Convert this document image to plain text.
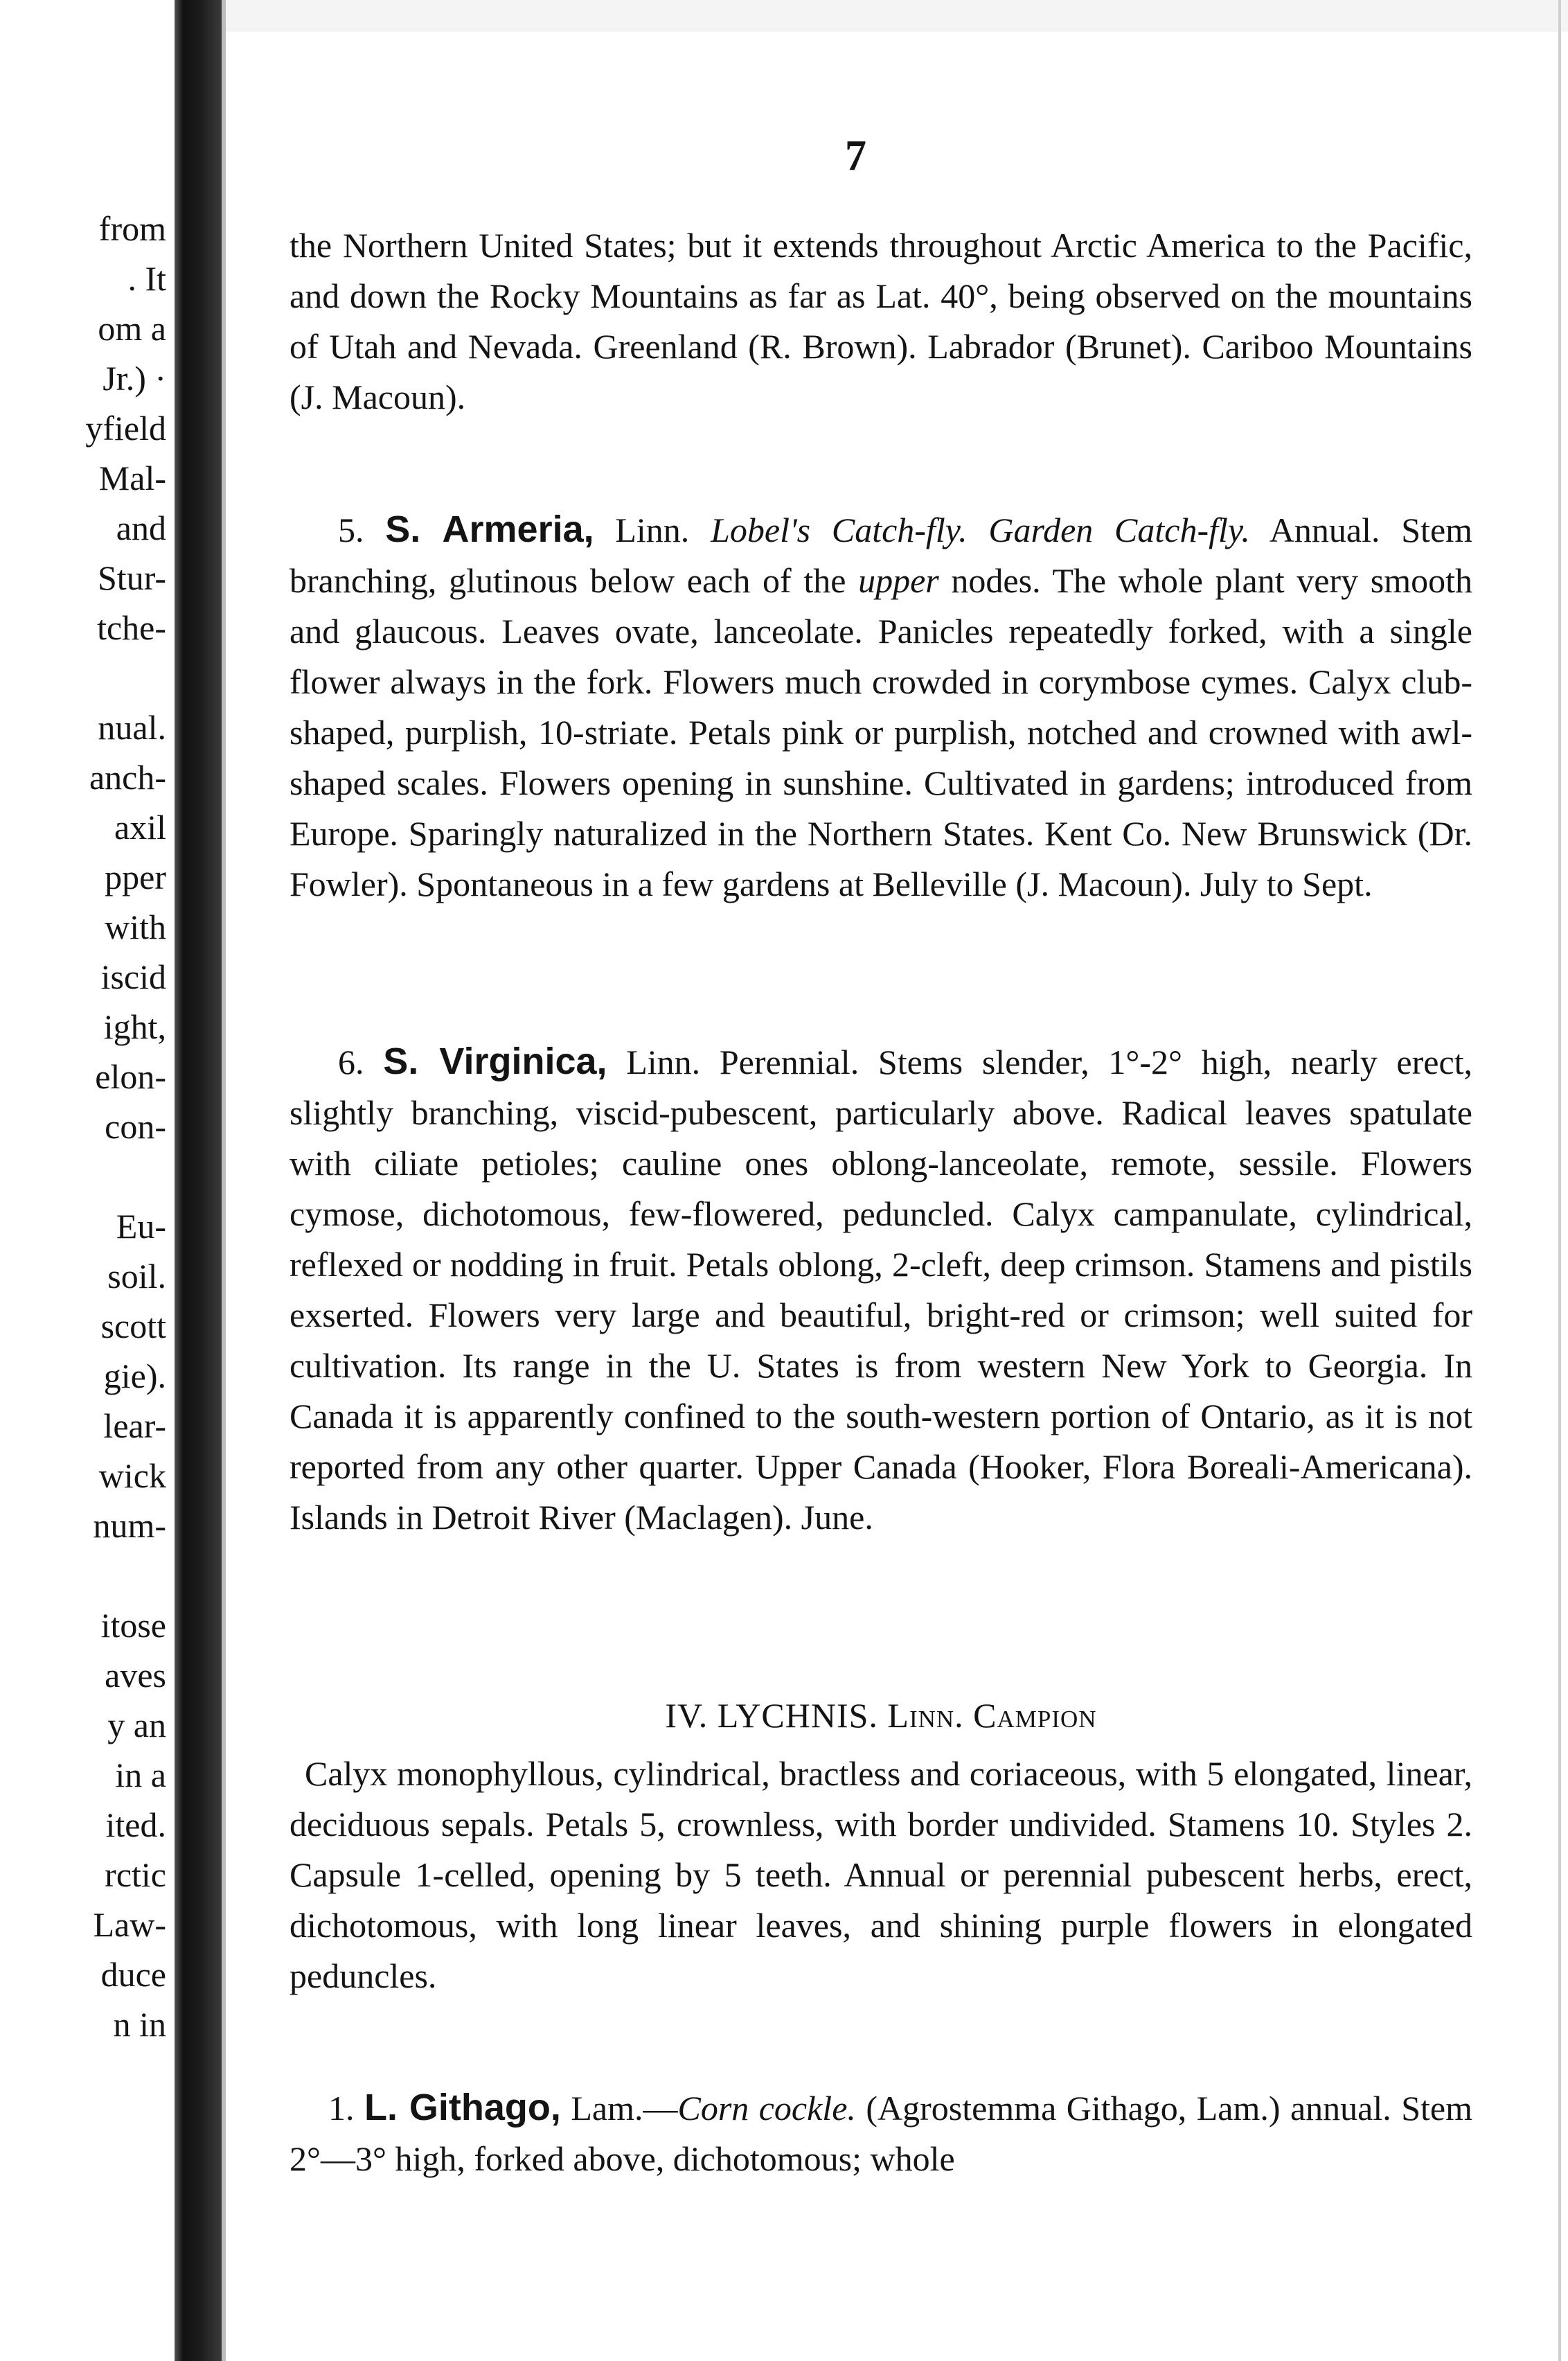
from
. It
om a
Jr.) ·
yfield
Mal-
and
Stur-
tche-
nual.
anch-
axil
pper
with
iscid
ight,
elon-
con-
Eu-
soil.
scott
gie).
lear-
wick
num-
itose
aves
y an
in a
ited.
rctic
Law-
duce
n in
7
the Northern United States; but it extends throughout Arctic America to the Pacific, and down the Rocky Mountains as far as Lat. 40°, being observed on the mountains of Utah and Nevada. Greenland (R. Brown). Labrador (Brunet). Cariboo Mountains (J. Macoun).
5. S. Armeria, Linn. Lobel's Catch-fly. Garden Catch-fly. Annual. Stem branching, glutinous below each of the upper nodes. The whole plant very smooth and glaucous. Leaves ovate, lanceolate. Panicles repeatedly forked, with a single flower always in the fork. Flowers much crowded in corymbose cymes. Calyx club-shaped, purplish, 10-striate. Petals pink or purplish, notched and crowned with awl-shaped scales. Flowers opening in sunshine. Cultivated in gardens; introduced from Europe. Sparingly naturalized in the Northern States. Kent Co. New Brunswick (Dr. Fowler). Spontaneous in a few gardens at Belleville (J. Macoun). July to Sept.
6. S. Virginica, Linn. Perennial. Stems slender, 1°-2° high, nearly erect, slightly branching, viscid-pubescent, particularly above. Radical leaves spatulate with ciliate petioles; cauline ones oblong-lanceolate, remote, sessile. Flowers cymose, dichotomous, few-flowered, peduncled. Calyx campanulate, cylindrical, reflexed or nodding in fruit. Petals oblong, 2-cleft, deep crimson. Stamens and pistils exserted. Flowers very large and beautiful, bright-red or crimson; well suited for cultivation. Its range in the U. States is from western New York to Georgia. In Canada it is apparently confined to the south-western portion of Ontario, as it is not reported from any other quarter. Upper Canada (Hooker, Flora Boreali-Americana). Islands in Detroit River (Maclagen). June.
IV. LYCHNIS. Linn. Campion
Calyx monophyllous, cylindrical, bractless and coriaceous, with 5 elongated, linear, deciduous sepals. Petals 5, crownless, with border undivided. Stamens 10. Styles 2. Capsule 1-celled, opening by 5 teeth. Annual or perennial pubescent herbs, erect, dichotomous, with long linear leaves, and shining purple flowers in elongated peduncles.
1. L. Githago, Lam.—Corn cockle. (Agrostemma Githago, Lam.) annual. Stem 2°—3° high, forked above, dichotomous; whole
